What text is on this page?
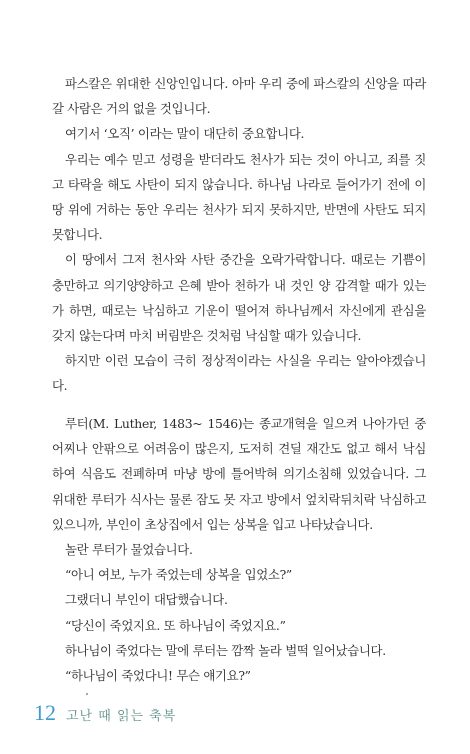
파스칼은 위대한 신앙인입니다. 아마 우리 중에 파스칼의 신앙을 따라갈 사람은 거의 없을 것입니다.

여기서 ‘오직’ 이라는 말이 대단히 중요합니다.

우리는 예수 믿고 성령을 받더라도 천사가 되는 것이 아니고, 죄를 짓고 타락을 해도 사탄이 되지 않습니다. 하나님 나라로 들어가기 전에 이 땅 위에 거하는 동안 우리는 천사가 되지 못하지만, 반면에 사탄도 되지 못합니다.

이 땅에서 그저 천사와 사탄 중간을 오락가락합니다. 때로는 기쁨이 충만하고 의기양양하고 은혜 받아 천하가 내 것인 양 감격할 때가 있는가 하면, 때로는 낙심하고 기운이 떨어져 하나님께서 자신에게 관심을 갖지 않는다며 마치 버림받은 것처럼 낙심할 때가 있습니다.

하지만 이런 모습이 극히 정상적이라는 사실을 우리는 알아야겠습니다.

루터(M. Luther, 1483~ 1546)는 종교개혁을 일으켜 나아가던 중 어찌나 안팎으로 어려움이 많은지, 도저히 견딜 재간도 없고 해서 낙심하여 식음도 전폐하며 마냥 방에 틀어박혀 의기소침해 있었습니다. 그 위대한 루터가 식사는 물론 잠도 못 자고 방에서 엎치락뒤치락 낙심하고 있으니까, 부인이 초상집에서 입는 상복을 입고 나타났습니다.

놀란 루터가 물었습니다.

“아니 여보, 누가 죽었는데 상복을 입었소?”

그랬더니 부인이 대답했습니다.

“당신이 죽었지요. 또 하나님이 죽었지요.”

하나님이 죽었다는 말에 루터는 깜짝 놀라 벌떡 일어났습니다.

“하나님이 죽었다니! 무슨 얘기요?”

12 고난 때 읽는 축복
